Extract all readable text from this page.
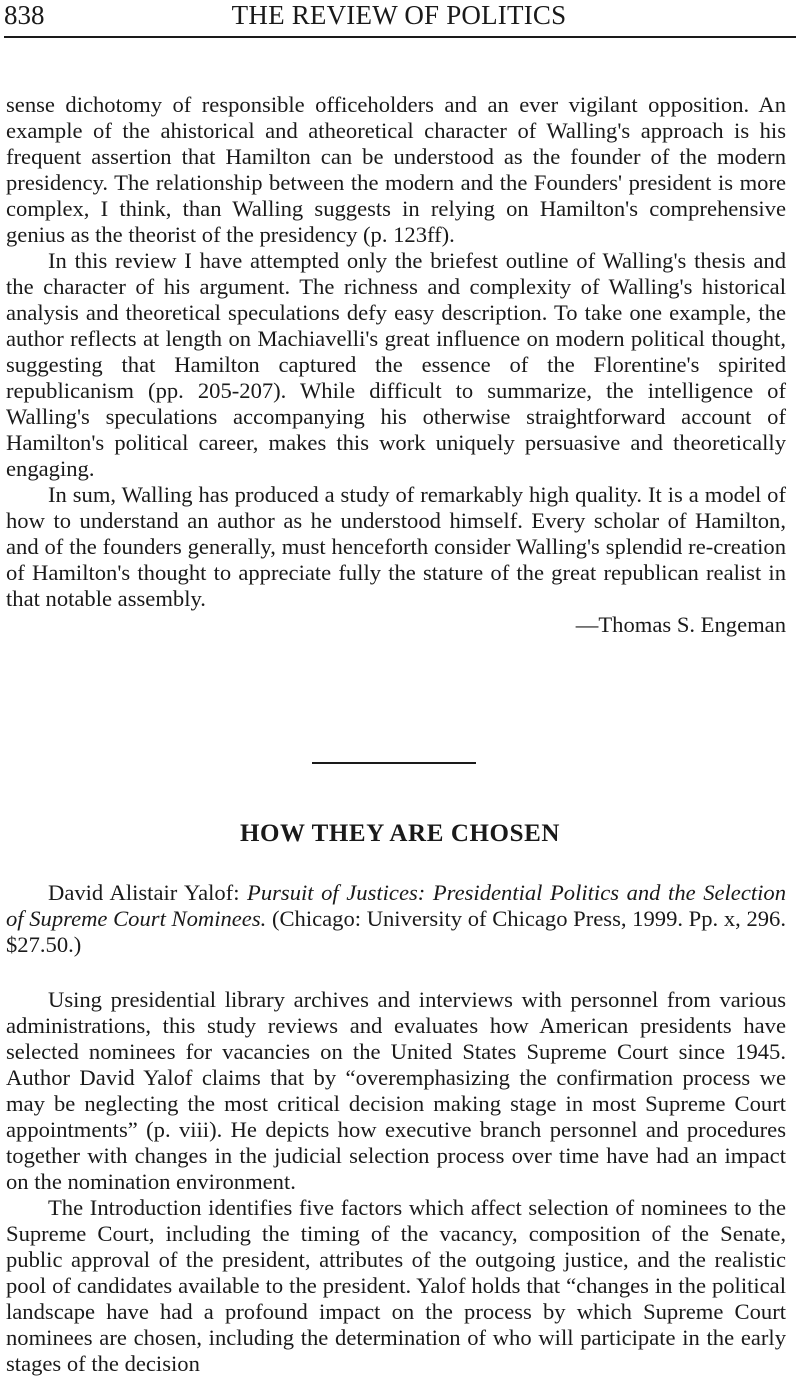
838	THE REVIEW OF POLITICS

sense dichotomy of responsible officeholders and an ever vigilant opposition. An example of the ahistorical and atheoretical character of Walling's approach is his frequent assertion that Hamilton can be understood as the founder of the modern presidency. The relationship between the modern and the Founders' president is more complex, I think, than Walling suggests in relying on Hamilton's comprehensive genius as the theorist of the presidency (p. 123ff).

In this review I have attempted only the briefest outline of Walling's thesis and the character of his argument. The richness and complexity of Walling's historical analysis and theoretical speculations defy easy description. To take one example, the author reflects at length on Machiavelli's great influence on modern political thought, suggesting that Hamilton captured the essence of the Florentine's spirited republicanism (pp. 205-207). While difficult to summarize, the intelligence of Walling's speculations accompanying his otherwise straightforward account of Hamilton's political career, makes this work uniquely persuasive and theoretically engaging.

In sum, Walling has produced a study of remarkably high quality. It is a model of how to understand an author as he understood himself. Every scholar of Hamilton, and of the founders generally, must henceforth consider Walling's splendid re-creation of Hamilton's thought to appreciate fully the stature of the great republican realist in that notable assembly.

—Thomas S. Engeman

HOW THEY ARE CHOSEN

David Alistair Yalof: Pursuit of Justices: Presidential Politics and the Selection of Supreme Court Nominees. (Chicago: University of Chicago Press, 1999. Pp. x, 296. $27.50.)

Using presidential library archives and interviews with personnel from various administrations, this study reviews and evaluates how American presidents have selected nominees for vacancies on the United States Supreme Court since 1945. Author David Yalof claims that by “overemphasizing the confirmation process we may be neglecting the most critical decision making stage in most Supreme Court appointments” (p. viii). He depicts how executive branch personnel and procedures together with changes in the judicial selection process over time have had an impact on the nomination environment.

The Introduction identifies five factors which affect selection of nominees to the Supreme Court, including the timing of the vacancy, composition of the Senate, public approval of the president, attributes of the outgoing justice, and the realistic pool of candidates available to the president. Yalof holds that “changes in the political landscape have had a profound impact on the process by which Supreme Court nominees are chosen, including the determination of who will participate in the early stages of the decision
